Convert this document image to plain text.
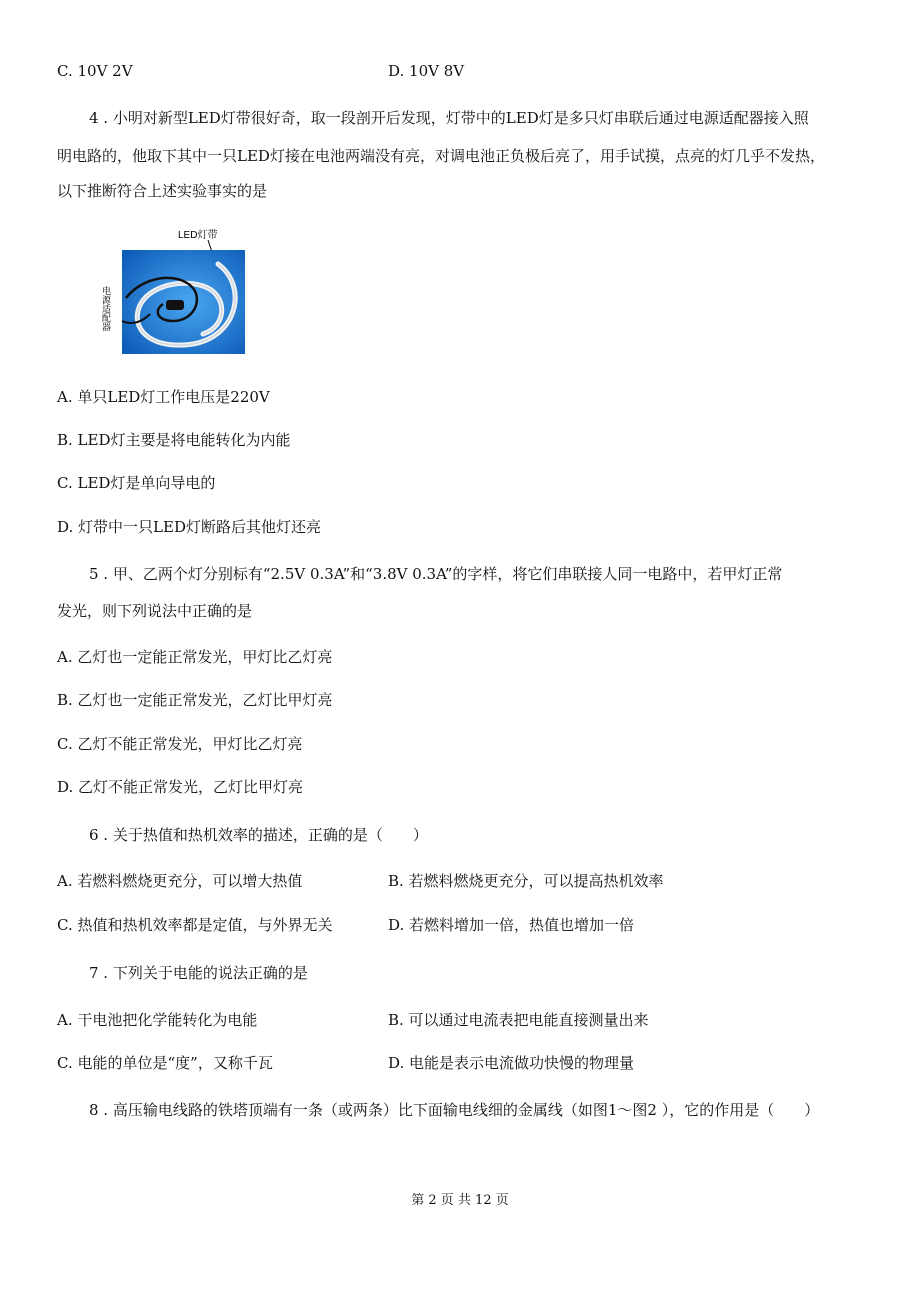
C. 10V 2V	D. 10V 8V
4 . 小明对新型LED灯带很好奇，取一段剖开后发现，灯带中的LED灯是多只灯串联后通过电源适配器接入照
明电路的，他取下其中一只LED灯接在电池两端没有亮，对调电池正负极后亮了，用手试摸，点亮的灯几乎不发热，
以下推断符合上述实验事实的是
LED灯带
电源适配器
A. 单只LED灯工作电压是220V
B. LED灯主要是将电能转化为内能
C. LED灯是单向导电的
D. 灯带中一只LED灯断路后其他灯还亮
5 . 甲、乙两个灯分别标有“2.5V 0.3A”和“3.8V 0.3A”的字样，将它们串联接人同一电路中，若甲灯正常
发光，则下列说法中正确的是
A. 乙灯也一定能正常发光，甲灯比乙灯亮
B. 乙灯也一定能正常发光，乙灯比甲灯亮
C. 乙灯不能正常发光，甲灯比乙灯亮
D. 乙灯不能正常发光，乙灯比甲灯亮
6 . 关于热值和热机效率的描述，正确的是（　　）
A. 若燃料燃烧更充分，可以增大热值	B. 若燃料燃烧更充分，可以提高热机效率
C. 热值和热机效率都是定值，与外界无关	D. 若燃料增加一倍，热值也增加一倍
7 . 下列关于电能的说法正确的是
A. 干电池把化学能转化为电能	B. 可以通过电流表把电能直接测量出来
C. 电能的单位是“度”，又称千瓦	D. 电能是表示电流做功快慢的物理量
8 . 高压输电线路的铁塔顶端有一条（或两条）比下面输电线细的金属线（如图1～图2 ），它的作用是（　　）
第 2 页 共 12 页
